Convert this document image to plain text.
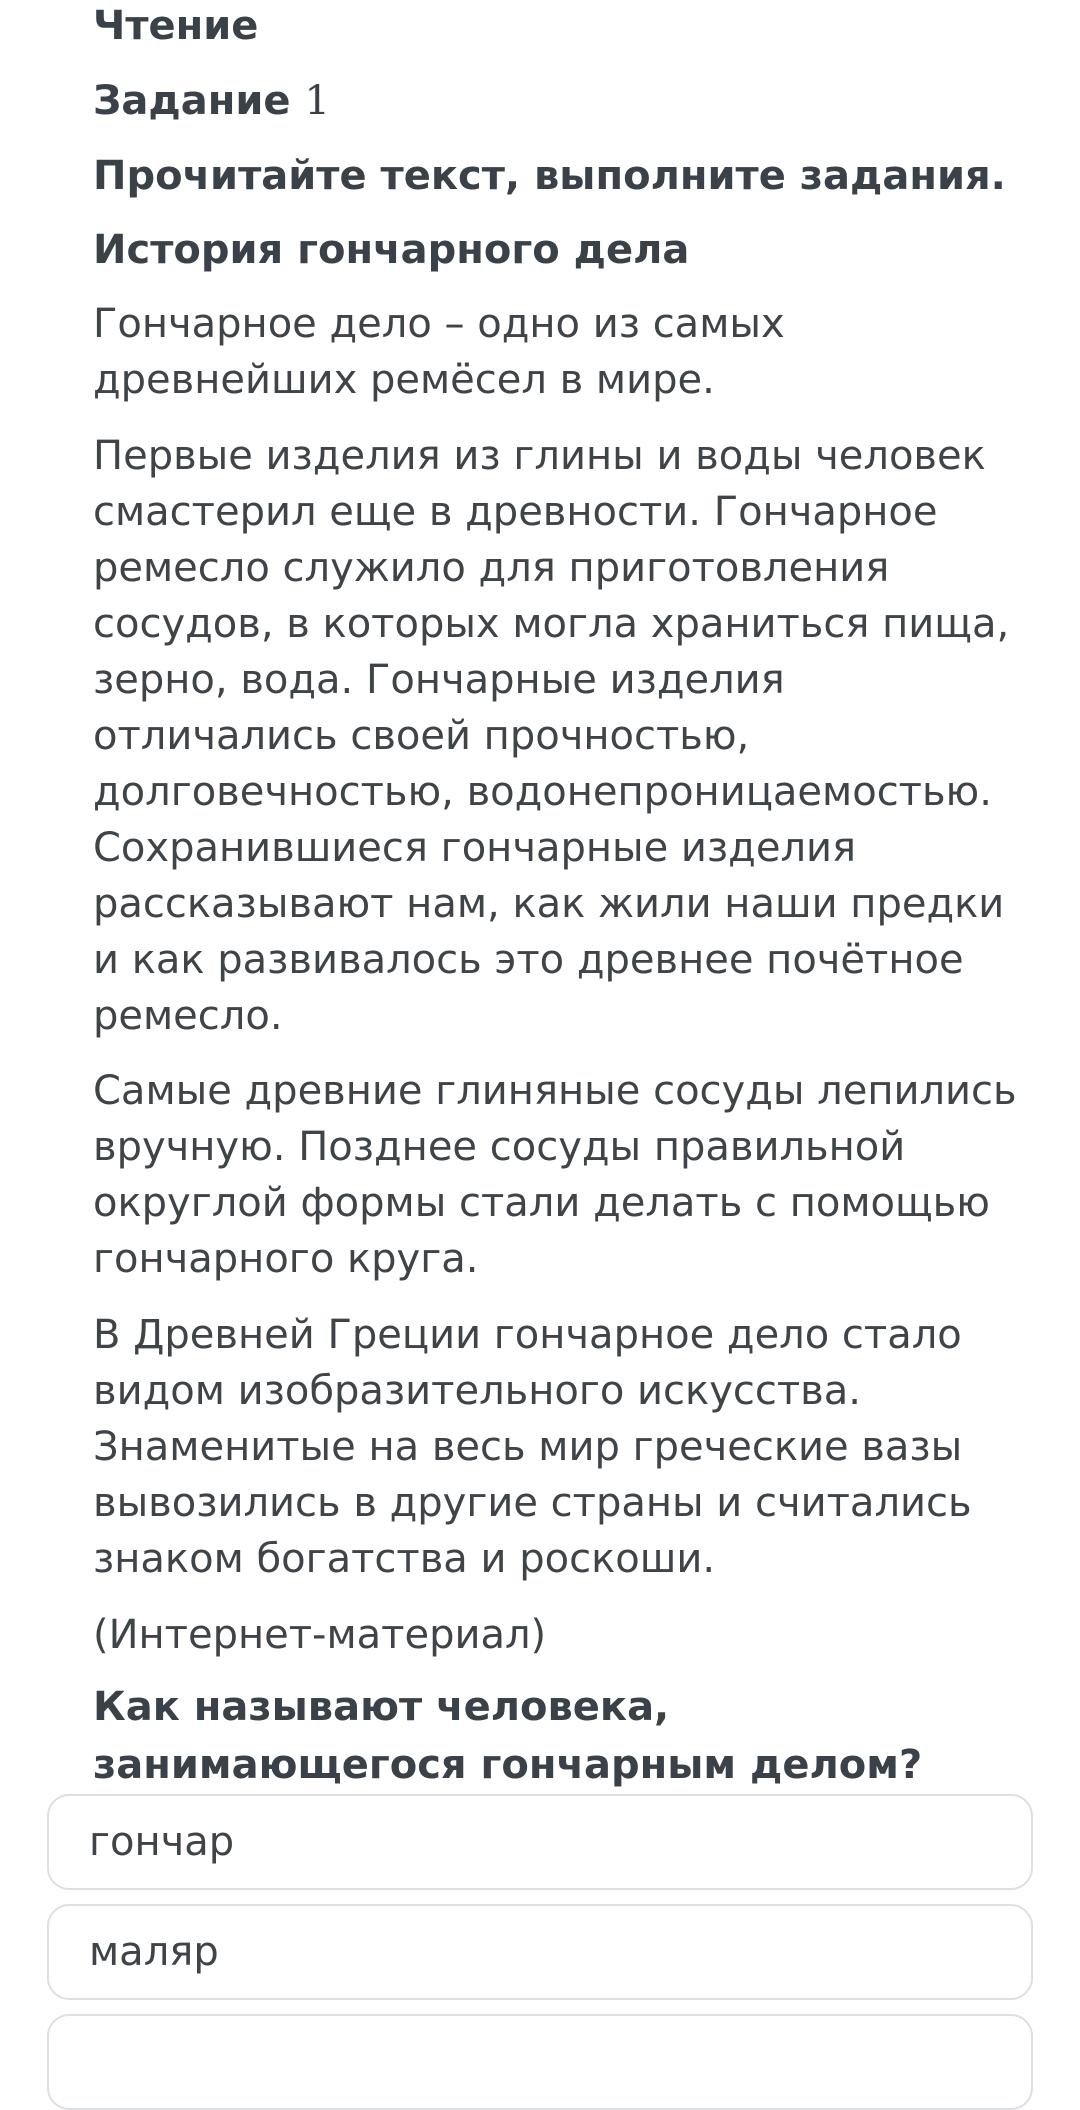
Чтение
Задание 1
Прочитайте текст, выполните задания.
История гончарного дела
Гончарное дело – одно из самых
древнейших ремёсел в мире.
Первые изделия из глины и воды человек
смастерил еще в древности. Гончарное
ремесло служило для приготовления
сосудов, в которых могла храниться пища,
зерно, вода. Гончарные изделия
отличались своей прочностью,
долговечностью, водонепроницаемостью.
Сохранившиеся гончарные изделия
рассказывают нам, как жили наши предки
и как развивалось это древнее почётное
ремесло.
Самые древние глиняные сосуды лепились
вручную. Позднее сосуды правильной
округлой формы стали делать с помощью
гончарного круга.
В Древней Греции гончарное дело стало
видом изобразительного искусства.
Знаменитые на весь мир греческие вазы
вывозились в другие страны и считались
знаком богатства и роскоши.
(Интернет-материал)
Как называют человека,
занимающегося гончарным делом?
гончар
маляр
